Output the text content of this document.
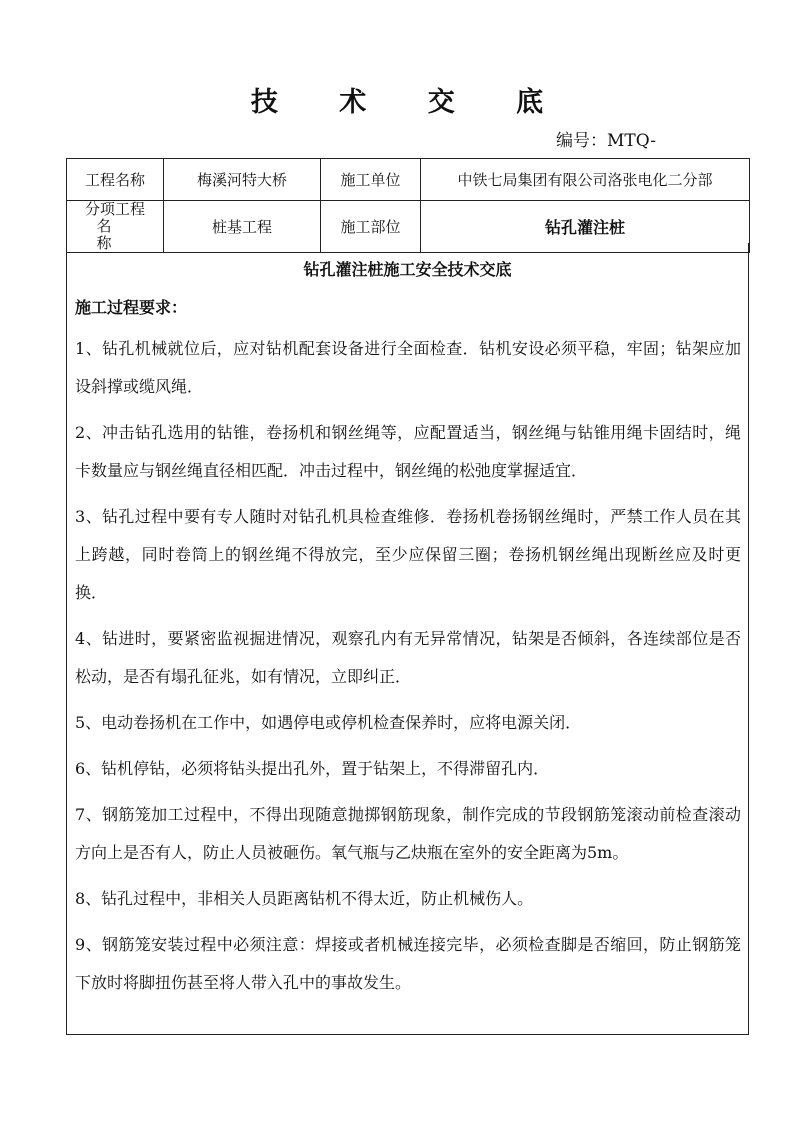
技 术 交 底
编号：MTQ-
工程名称	梅溪河特大桥	施工单位	中铁七局集团有限公司洛张电化二分部

分项工程
名称	桩基工程	施工部位	钻孔灌注桩
钻孔灌注桩施工安全技术交底
施工过程要求：

1、钻孔机械就位后，应对钻机配套设备进行全面检查．钻机安设必须平稳，牢固；钻架应加设斜撑或缆风绳．

2、冲击钻孔选用的钻锥，卷扬机和钢丝绳等，应配置适当，钢丝绳与钻锥用绳卡固结时，绳卡数量应与钢丝绳直径相匹配．冲击过程中，钢丝绳的松弛度掌握适宜．

3、钻孔过程中要有专人随时对钻孔机具检查维修．卷扬机卷扬钢丝绳时，严禁工作人员在其上跨越，同时卷筒上的钢丝绳不得放完，至少应保留三圈；卷扬机钢丝绳出现断丝应及时更换．

4、钻进时，要紧密监视掘进情况，观察孔内有无异常情况，钻架是否倾斜，各连续部位是否松动，是否有塌孔征兆，如有情况，立即纠正．

5、电动卷扬机在工作中，如遇停电或停机检查保养时，应将电源关闭．

6、钻机停钻，必须将钻头提出孔外，置于钻架上，不得滞留孔内．

7、钢筋笼加工过程中，不得出现随意抛掷钢筋现象，制作完成的节段钢筋笼滚动前检查滚动方向上是否有人，防止人员被砸伤。氧气瓶与乙炔瓶在室外的安全距离为5m。

8、钻孔过程中，非相关人员距离钻机不得太近，防止机械伤人。

9、钢筋笼安装过程中必须注意：焊接或者机械连接完毕，必须检查脚是否缩回，防止钢筋笼下放时将脚扭伤甚至将人带入孔中的事故发生。
